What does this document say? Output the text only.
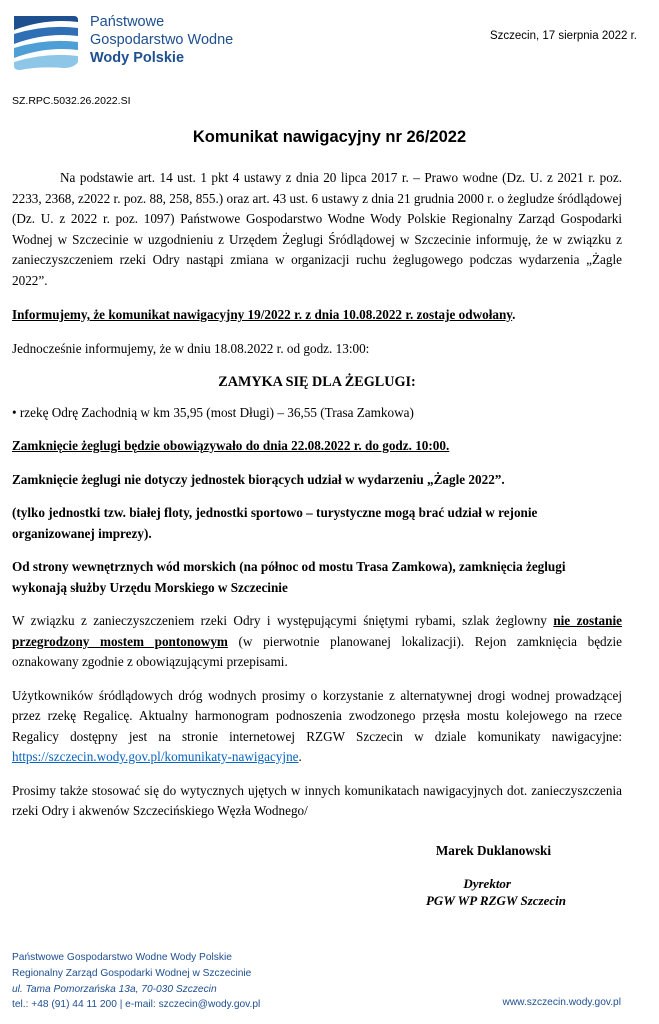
Państwowe
Gospodarstwo Wodne
Wody Polskie
Szczecin, 17 sierpnia 2022 r.
SZ.RPC.5032.26.2022.SI
Komunikat nawigacyjny nr 26/2022

Na podstawie art. 14 ust. 1 pkt 4 ustawy z dnia 20 lipca 2017 r. – Prawo wodne (Dz. U. z 2021 r. poz. 2233, 2368, z2022 r. poz. 88, 258, 855.) oraz art. 43 ust. 6 ustawy z dnia 21 grudnia 2000 r. o żegludze śródlądowej (Dz. U. z 2022 r. poz. 1097) Państwowe Gospodarstwo Wodne Wody Polskie Regionalny Zarząd Gospodarki Wodnej w Szczecinie w uzgodnieniu z Urzędem Żeglugi Śródlądowej w Szczecinie informuję, że w związku z zanieczyszczeniem rzeki Odry nastąpi zmiana w organizacji ruchu żeglugowego podczas wydarzenia „Żagle 2022”.

Informujemy, że komunikat nawigacyjny 19/2022 r. z dnia 10.08.2022 r. zostaje odwołany.

Jednocześnie informujemy, że w dniu 18.08.2022 r. od godz. 13:00:

ZAMYKA SIĘ DLA ŻEGLUGI:

• rzekę Odrę Zachodnią w km 35,95 (most Długi) – 36,55 (Trasa Zamkowa)

Zamknięcie żeglugi będzie obowiązywało do dnia 22.08.2022 r. do godz. 10:00.

Zamknięcie żeglugi nie dotyczy jednostek biorących udział w wydarzeniu „Żagle 2022”.

(tylko jednostki tzw. białej floty, jednostki sportowo – turystyczne mogą brać udział w rejonie organizowanej imprezy).

Od strony wewnętrznych wód morskich (na północ od mostu Trasa Zamkowa), zamknięcia żeglugi wykonają służby Urzędu Morskiego w Szczecinie

W związku z zanieczyszczeniem rzeki Odry i występującymi śniętymi rybami, szlak żeglowny nie zostanie przegrodzony mostem pontonowym (w pierwotnie planowanej lokalizacji). Rejon zamknięcia będzie oznakowany zgodnie z obowiązującymi przepisami.

Użytkowników śródlądowych dróg wodnych prosimy o korzystanie z alternatywnej drogi wodnej prowadzącej przez rzekę Regalicę. Aktualny harmonogram podnoszenia zwodzonego przęsła mostu kolejowego na rzece Regalicy dostępny jest na stronie internetowej RZGW Szczecin w dziale komunikaty nawigacyjne: https://szczecin.wody.gov.pl/komunikaty-nawigacyjne.

Prosimy także stosować się do wytycznych ujętych w innych komunikatach nawigacyjnych dot. zanieczyszczenia rzeki Odry i akwenów Szczecińskiego Węzła Wodnego/

Marek Duklanowski
Dyrektor
PGW WP RZGW Szczecin
Państwowe Gospodarstwo Wodne Wody Polskie
Regionalny Zarząd Gospodarki Wodnej w Szczecinie
ul. Tama Pomorzańska 13a, 70-030 Szczecin
tel.: +48 (91) 44 11 200 | e-mail: szczecin@wody.gov.pl	www.szczecin.wody.gov.pl
